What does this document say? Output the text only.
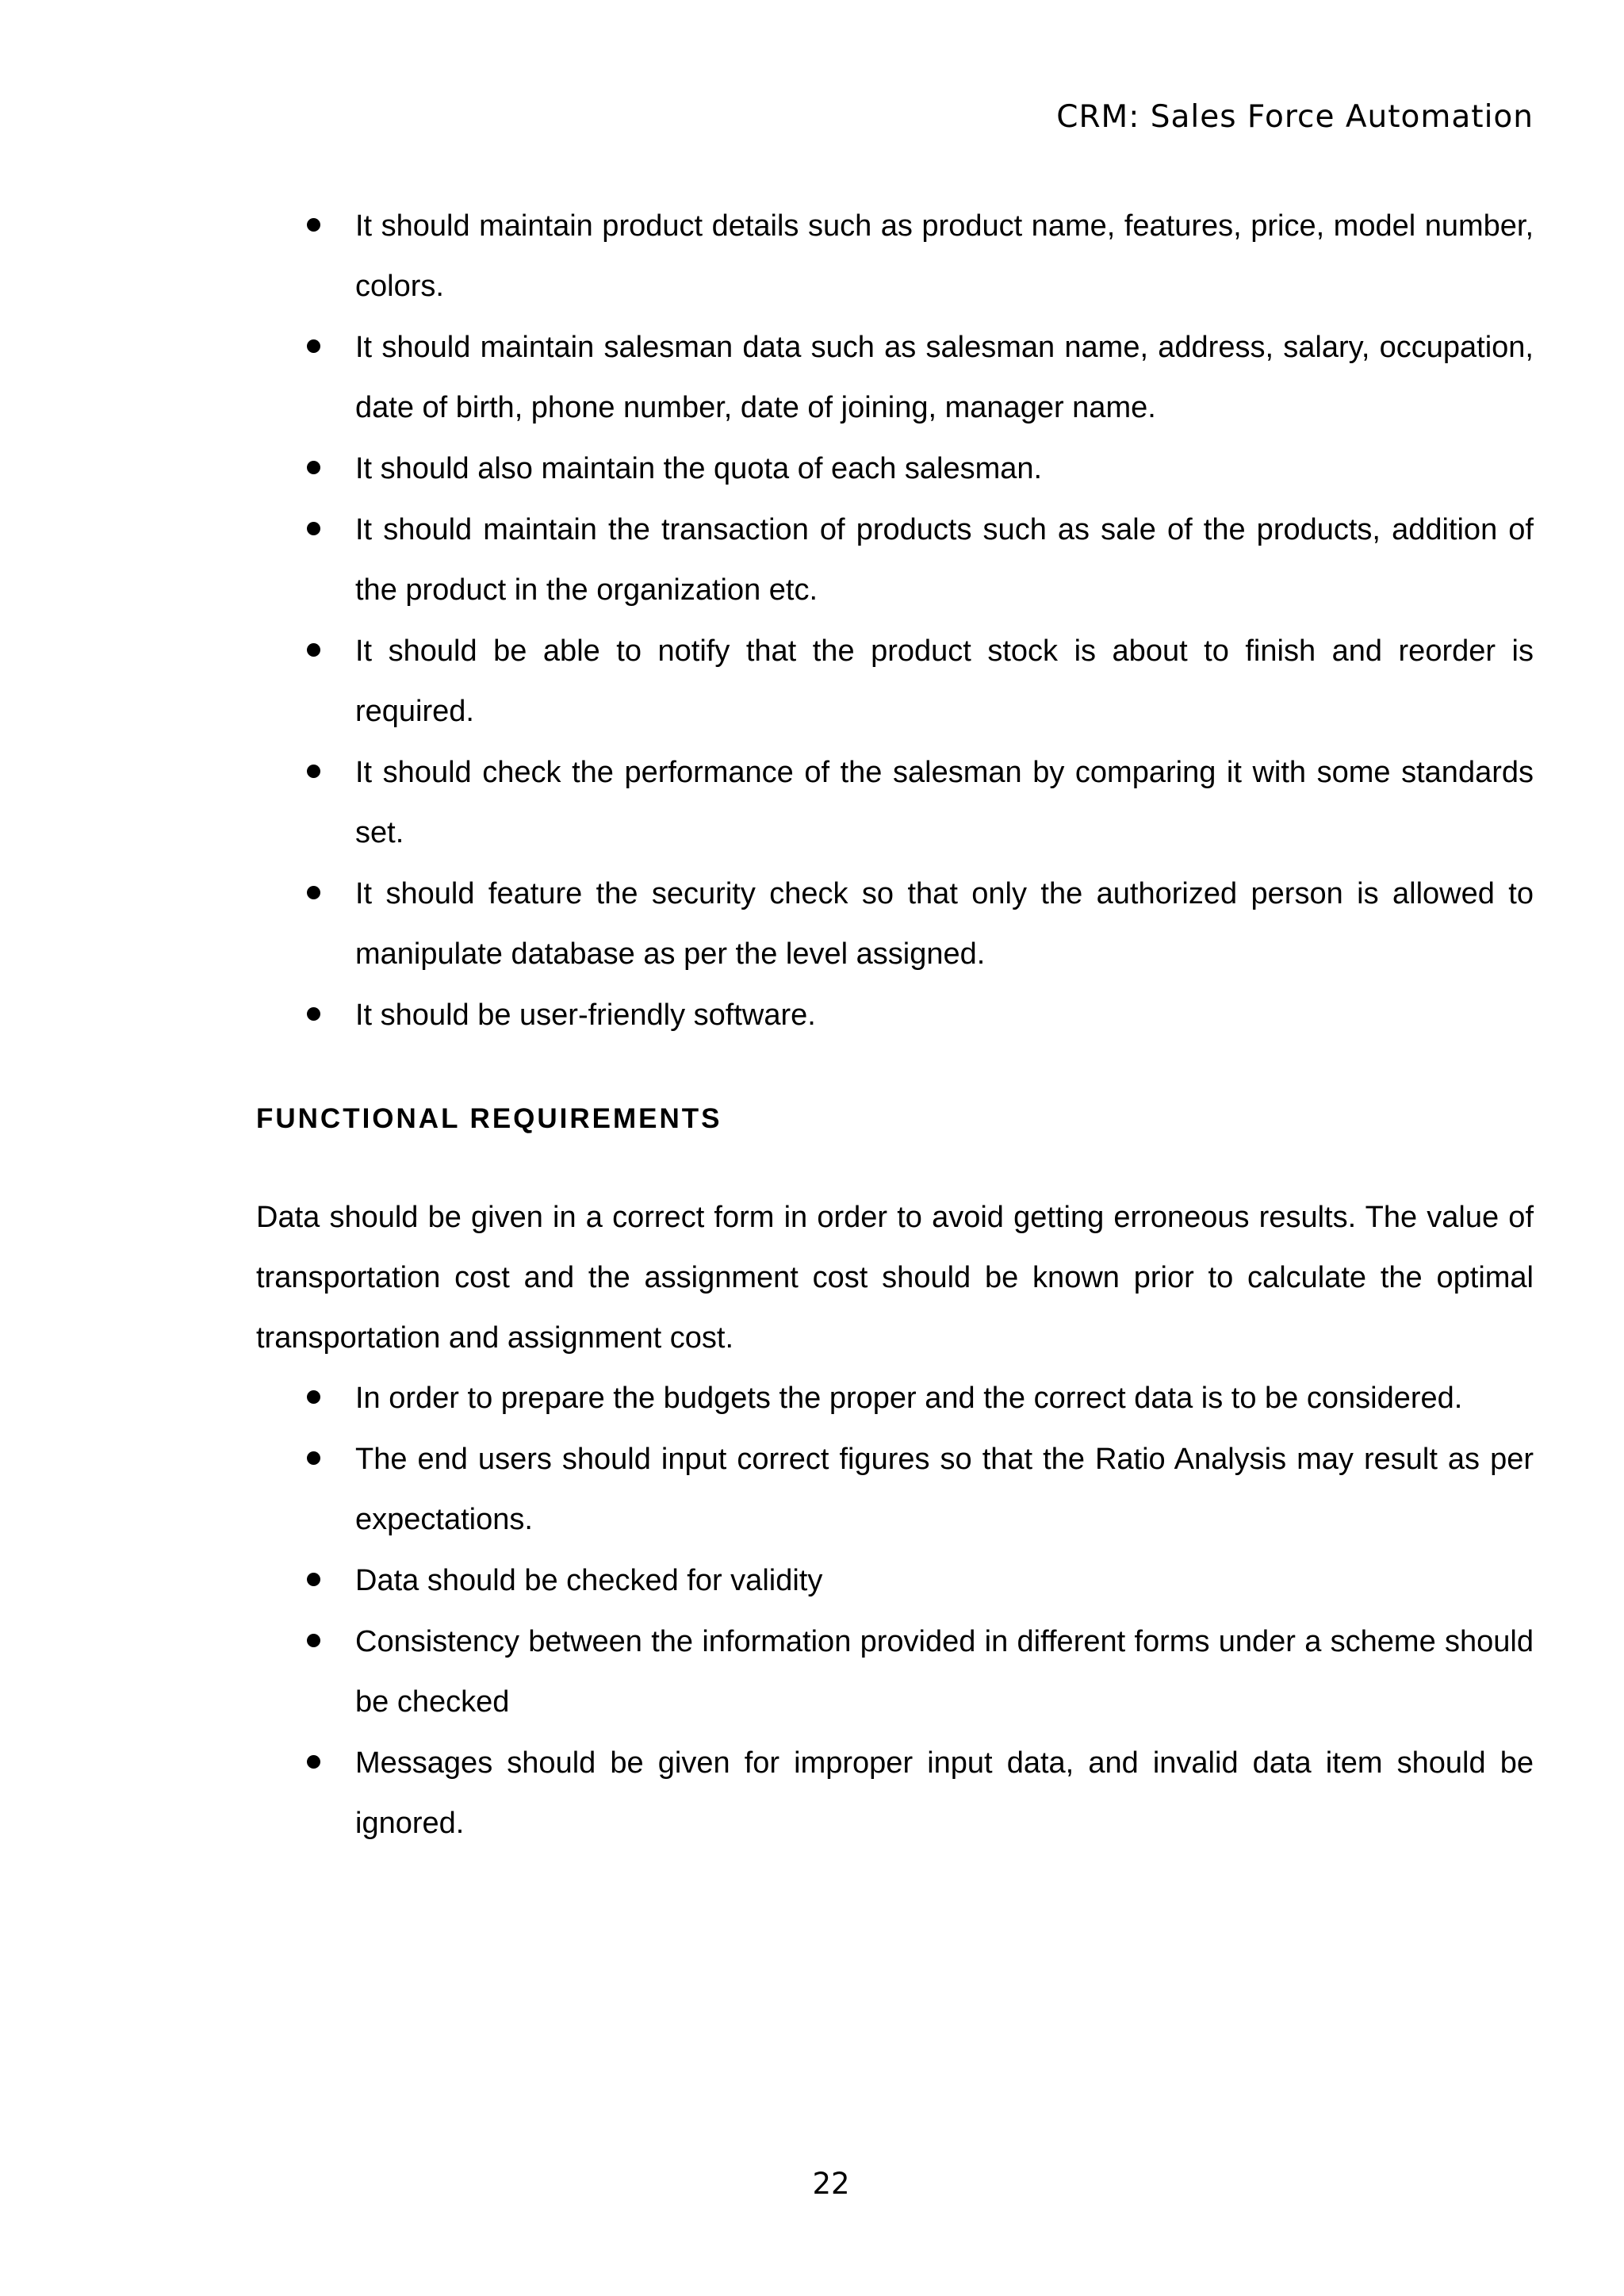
CRM: Sales Force Automation
It should maintain product details such as product name, features, price, model number, colors.
It should maintain salesman data such as salesman name, address, salary, occupation, date of birth, phone number, date of joining, manager name.
It should also maintain the quota of each salesman.
It should maintain the transaction of products such as sale of the products, addition of the product in the organization etc.
It should be able to notify that the product stock is about to finish and reorder is required.
It should check the performance of the salesman by comparing it with some standards set.
It should feature the security check so that only the authorized person is allowed to manipulate database as per the level assigned.
It should be user-friendly software.
FUNCTIONAL REQUIREMENTS

Data should be given in a correct form in order to avoid getting erroneous results. The value of transportation cost and the assignment cost should be known prior to calculate the optimal transportation and assignment cost.

In order to prepare the budgets the proper and the correct data is to be considered.
The end users should input correct figures so that the Ratio Analysis may result as per expectations.
Data should be checked for validity
Consistency between the information provided in different forms under a scheme should be checked
Messages should be given for improper input data, and invalid data item should be ignored.
22
